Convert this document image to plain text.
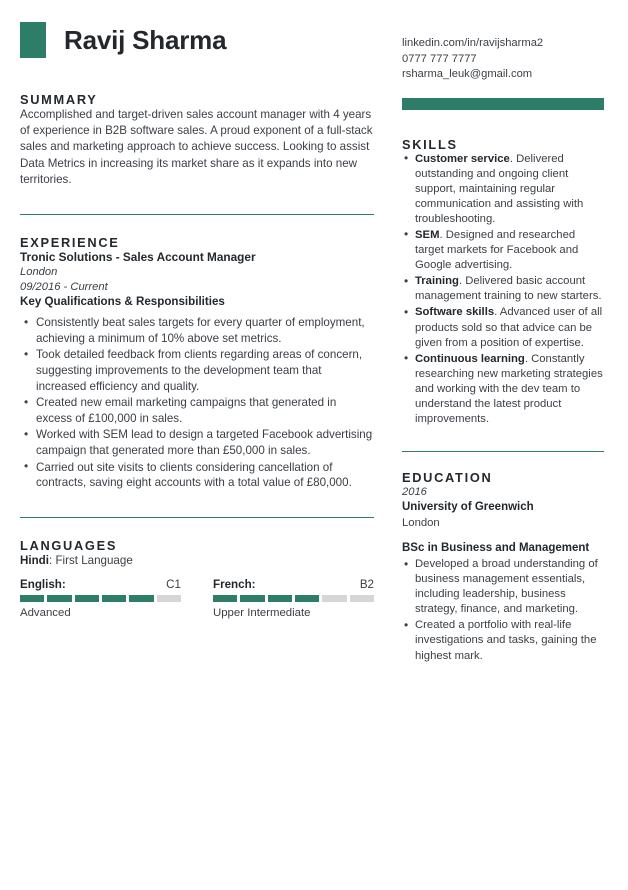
Ravij Sharma
SUMMARY

Accomplished and target-driven sales account manager with 4 years of experience in B2B software sales. A proud exponent of a full-stack sales and marketing approach to achieve success. Looking to assist Data Metrics in increasing its market share as it expands into new territories.

EXPERIENCE
Tronic Solutions - Sales Account Manager
London
09/2016 - Current
Key Qualifications & Responsibilities
• Consistently beat sales targets for every quarter of employment, achieving a minimum of 10% above set metrics.
• Took detailed feedback from clients regarding areas of concern, suggesting improvements to the development team that increased efficiency and quality.
• Created new email marketing campaigns that generated in excess of £100,000 in sales.
• Worked with SEM lead to design a targeted Facebook advertising campaign that generated more than £50,000 in sales.
• Carried out site visits to clients considering cancellation of contracts, saving eight accounts with a total value of £80,000.
LANGUAGES
Hindi: First Language
English:	C1
Advanced
French:	B2
Upper Intermediate
linkedin.com/in/ravijsharma2
0777 777 7777
rsharma_leuk@gmail.com
SKILLS
• Customer service. Delivered outstanding and ongoing client support, maintaining regular communication and assisting with troubleshooting.
• SEM. Designed and researched target markets for Facebook and Google advertising.
• Training. Delivered basic account management training to new starters.
• Software skills. Advanced user of all products sold so that advice can be given from a position of expertise.
• Continuous learning. Constantly researching new marketing strategies and working with the dev team to understand the latest product improvements.
EDUCATION
2016
University of Greenwich
London
BSc in Business and Management
• Developed a broad understanding of business management essentials, including leadership, business strategy, finance, and marketing.
• Created a portfolio with real-life investigations and tasks, gaining the highest mark.
